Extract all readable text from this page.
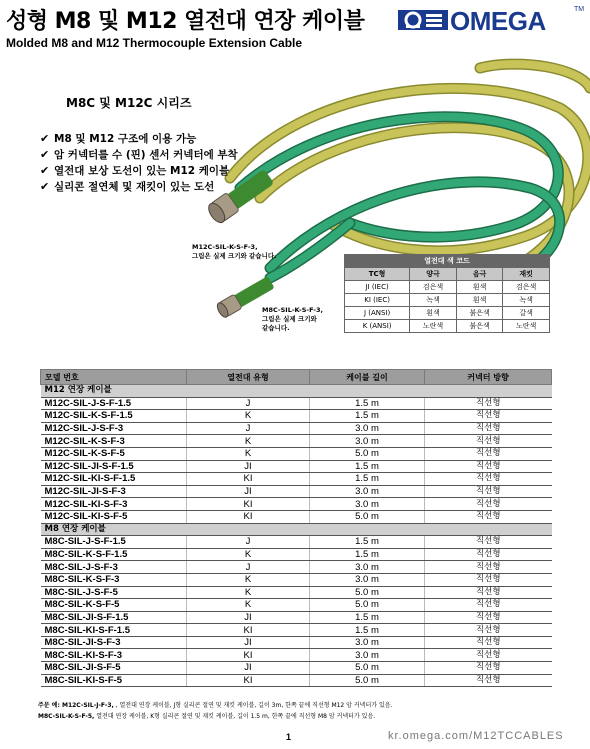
성형 M8 및 M12 열전대 연장 케이블
Molded M8 and M12 Thermocouple Extension Cable
OMEGA	TM
M8C 및 M12C 시리즈
✔ M8 및 M12 구조에 이용 가능
✔ 암 커넥터를 수 (핀) 센서 커넥터에 부착
✔ 열전대 보상 도선이 있는 M12 케이블
✔ 실리콘 절연체 및 재킷이 있는 도선
M12C-SIL-K-S-F-3,
그림은 실제 크기와 같습니다.
M8C-SIL-K-S-F-3,
그림은 실제 크기와
같습니다.
열전대 색 코드			
TC형	양극	음극	재킷
JI (IEC)	검은색	흰색	검은색
KI (IEC)	녹색	흰색	녹색
J (ANSI)	흰색	붉은색	갈색
K (ANSI)	노란색	붉은색	노란색
모델 번호	열전대 유형	케이블 길이	커넥터 방향
M12 연장 케이블			
M12C-SIL-J-S-F-1.5	J	1.5 m	직선형
M12C-SIL-K-S-F-1.5	K	1.5 m	직선형
M12C-SIL-J-S-F-3	J	3.0 m	직선형
M12C-SIL-K-S-F-3	K	3.0 m	직선형
M12C-SIL-K-S-F-5	K	5.0 m	직선형
M12C-SIL-JI-S-F-1.5	JI	1.5 m	직선형
M12C-SIL-KI-S-F-1.5	KI	1.5 m	직선형
M12C-SIL-JI-S-F-3	JI	3.0 m	직선형
M12C-SIL-KI-S-F-3	KI	3.0 m	직선형
M12C-SIL-KI-S-F-5	KI	5.0 m	직선형
M8 연장 케이블			
M8C-SIL-J-S-F-1.5	J	1.5 m	직선형
M8C-SIL-K-S-F-1.5	K	1.5 m	직선형
M8C-SIL-J-S-F-3	J	3.0 m	직선형
M8C-SIL-K-S-F-3	K	3.0 m	직선형
M8C-SIL-J-S-F-5	K	5.0 m	직선형
M8C-SIL-K-S-F-5	K	5.0 m	직선형
M8C-SIL-JI-S-F-1.5	JI	1.5 m	직선형
M8C-SIL-KI-S-F-1.5	KI	1.5 m	직선형
M8C-SIL-JI-S-F-3	JI	3.0 m	직선형
M8C-SIL-KI-S-F-3	KI	3.0 m	직선형
M8C-SIL-JI-S-F-5	JI	5.0 m	직선형
M8C-SIL-KI-S-F-5	KI	5.0 m	직선형
주문 예: M12C-SIL-J-F-3, , 열전대 연장 케이블, J형 실리콘 절연 및 재킷 케이블, 길이 3m, 한쪽 끝에 직선형 M12 암 커넥터가 있음.
M8C-SIL-K-S-F-5, 열전대 연장 케이블, K형 실리콘 절연 및 재킷 케이블, 길이 1.5 m, 한쪽 끝에 직선형 M8 암 커넥터가 있음.
1	kr.omega.com/M12TCCABLES
